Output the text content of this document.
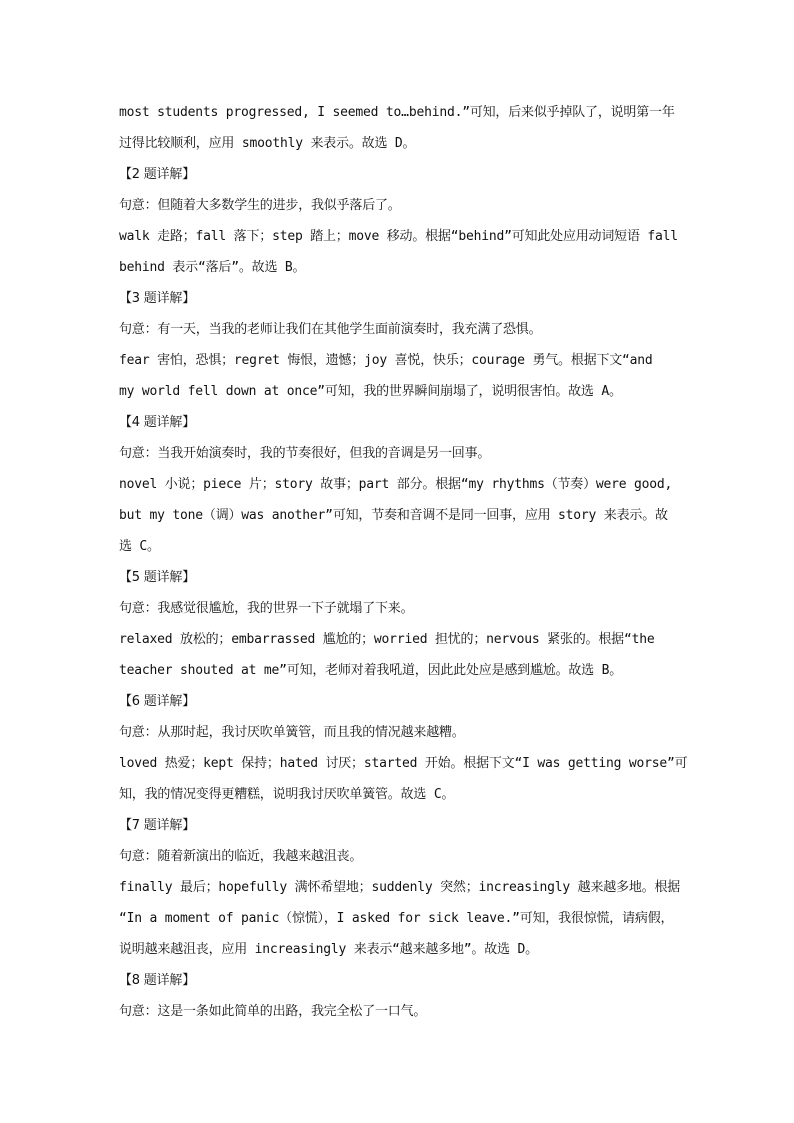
most students progressed, I seemed to…behind.”可知，后来似乎掉队了，说明第一年
过得比较顺利，应用 smoothly 来表示。故选 D。
【2 题详解】
句意：但随着大多数学生的进步，我似乎落后了。
walk 走路；fall 落下；step 踏上；move 移动。根据“behind”可知此处应用动词短语 fall
behind 表示“落后”。故选 B。
【3 题详解】
句意：有一天，当我的老师让我们在其他学生面前演奏时，我充满了恐惧。
fear 害怕，恐惧；regret 悔恨，遗憾；joy 喜悦，快乐；courage 勇气。根据下文“and
my world fell down at once”可知，我的世界瞬间崩塌了，说明很害怕。故选 A。
【4 题详解】
句意：当我开始演奏时，我的节奏很好，但我的音调是另一回事。
novel 小说；piece 片；story 故事；part 部分。根据“my rhythms（节奏）were good,
but my tone（调）was another”可知，节奏和音调不是同一回事，应用 story 来表示。故
选 C。
【5 题详解】
句意：我感觉很尴尬，我的世界一下子就塌了下来。
relaxed 放松的；embarrassed 尴尬的；worried 担忧的；nervous 紧张的。根据“the
teacher shouted at me”可知，老师对着我吼道，因此此处应是感到尴尬。故选 B。
【6 题详解】
句意：从那时起，我讨厌吹单簧管，而且我的情况越来越糟。
loved 热爱；kept 保持；hated 讨厌；started 开始。根据下文“I was getting worse”可
知，我的情况变得更糟糕，说明我讨厌吹单簧管。故选 C。
【7 题详解】
句意：随着新演出的临近，我越来越沮丧。
finally 最后；hopefully 满怀希望地；suddenly 突然；increasingly 越来越多地。根据
“In a moment of panic（惊慌），I asked for sick leave.”可知，我很惊慌，请病假，
说明越来越沮丧，应用 increasingly 来表示“越来越多地”。故选 D。
【8 题详解】
句意：这是一条如此简单的出路，我完全松了一口气。
